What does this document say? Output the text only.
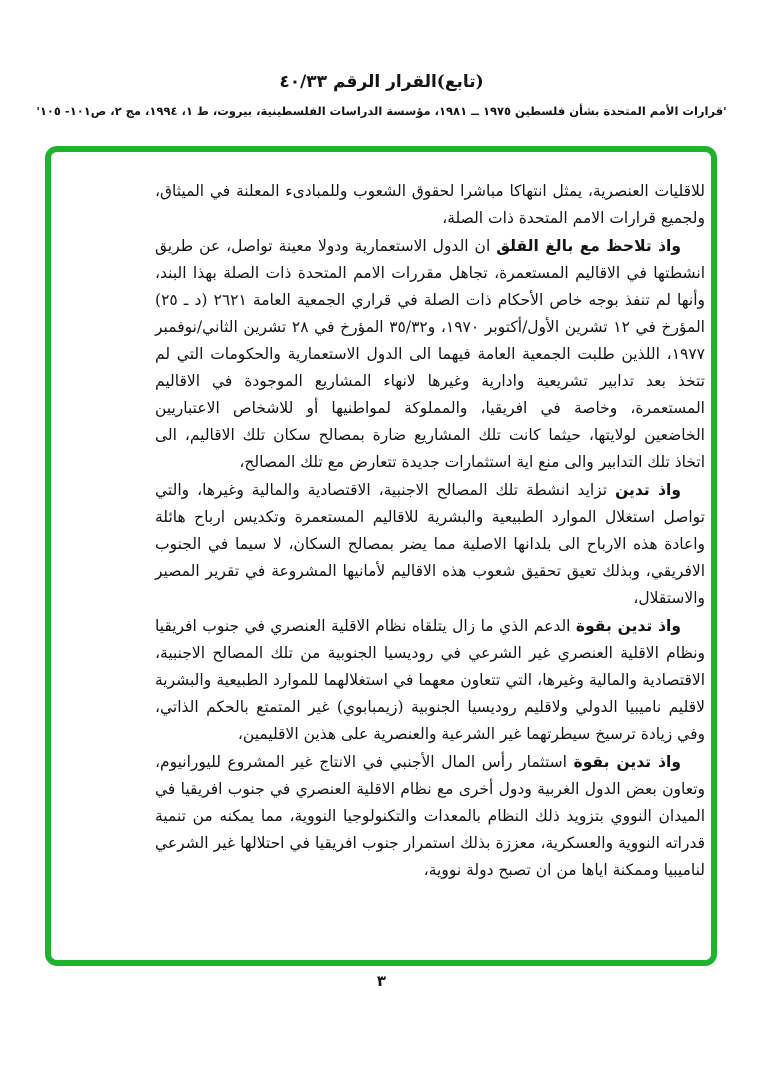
(تابع)القرار الرقم ٤٠/٣٣
'قرارات الأمم المتحدة بشأن فلسطين ١٩٧٥ ــ ١٩٨١، مؤسسة الدراسات الفلسطينية، بيروت، ط ١، ١٩٩٤، مج ٢، ص١٠١- ١٠٥'

للاقليات العنصرية، يمثل انتهاكا مباشرا لحقوق الشعوب وللمبادىء المعلنة في الميثاق، ولجميع قرارات الامم المتحدة ذات الصلة،

واذ تلاحظ مع بالغ القلق ان الدول الاستعمارية ودولا معينة تواصل، عن طريق انشطتها في الاقاليم المستعمرة، تجاهل مقررات الامم المتحدة ذات الصلة بهذا البند، وأنها لم تنفذ بوجه خاص الأحكام ذات الصلة في قراري الجمعية العامة ٢٦٢١ (د ـ ٢٥) المؤرخ في ١٢ تشرين الأول/أكتوبر ١٩٧٠، و٣٥/٣٢ المؤرخ في ٢٨ تشرين الثاني/نوفمبر ١٩٧٧، اللذين طلبت الجمعية العامة فيهما الى الدول الاستعمارية والحكومات التي لم تتخذ بعد تدابير تشريعية وادارية وغيرها لانهاء المشاريع الموجودة في الاقاليم المستعمرة، وخاصة في افريقيا، والمملوكة لمواطنيها أو للاشخاص الاعتباريين الخاضعين لولايتها، حيثما كانت تلك المشاريع ضارة بمصالح سكان تلك الاقاليم، الى اتخاذ تلك التدابير والى منع اية استثمارات جديدة تتعارض مع تلك المصالح،

واذ تدين تزايد انشطة تلك المصالح الاجنبية، الاقتصادية والمالية وغيرها، والتي تواصل استغلال الموارد الطبيعية والبشرية للاقاليم المستعمرة وتكديس ارباح هائلة واعادة هذه الارباح الى بلدانها الاصلية مما يضر بمصالح السكان، لا سيما في الجنوب الافريقي، وبذلك تعيق تحقيق شعوب هذه الاقاليم لأمانيها المشروعة في تقرير المصير والاستقلال،

واذ تدين بقوة الدعم الذي ما زال يتلقاه نظام الاقلية العنصري في جنوب افريقيا ونظام الاقلية العنصري غير الشرعي في روديسيا الجنوبية من تلك المصالح الاجنبية، الاقتصادية والمالية وغيرها، التي تتعاون معهما في استغلالهما للموارد الطبيعية والبشرية لاقليم ناميبيا الدولي ولاقليم روديسيا الجنوبية (زيمبابوي) غير المتمتع بالحكم الذاتي، وفي زيادة ترسيخ سيطرتهما غير الشرعية والعنصرية على هذين الاقليمين،

واذ تدين بقوة استثمار رأس المال الأجنبي في الانتاج غير المشروع لليورانيوم، وتعاون بعض الدول الغربية ودول أخرى مع نظام الاقلية العنصري في جنوب افريقيا في الميدان النووي بتزويد ذلك النظام بالمعدات والتكنولوجيا النووية، مما يمكنه من تنمية قدراته النووية والعسكرية، معززة بذلك استمرار جنوب افريقيا في احتلالها غير الشرعي لناميبيا وممكنة اياها من ان تصبح دولة نووية،

٣
